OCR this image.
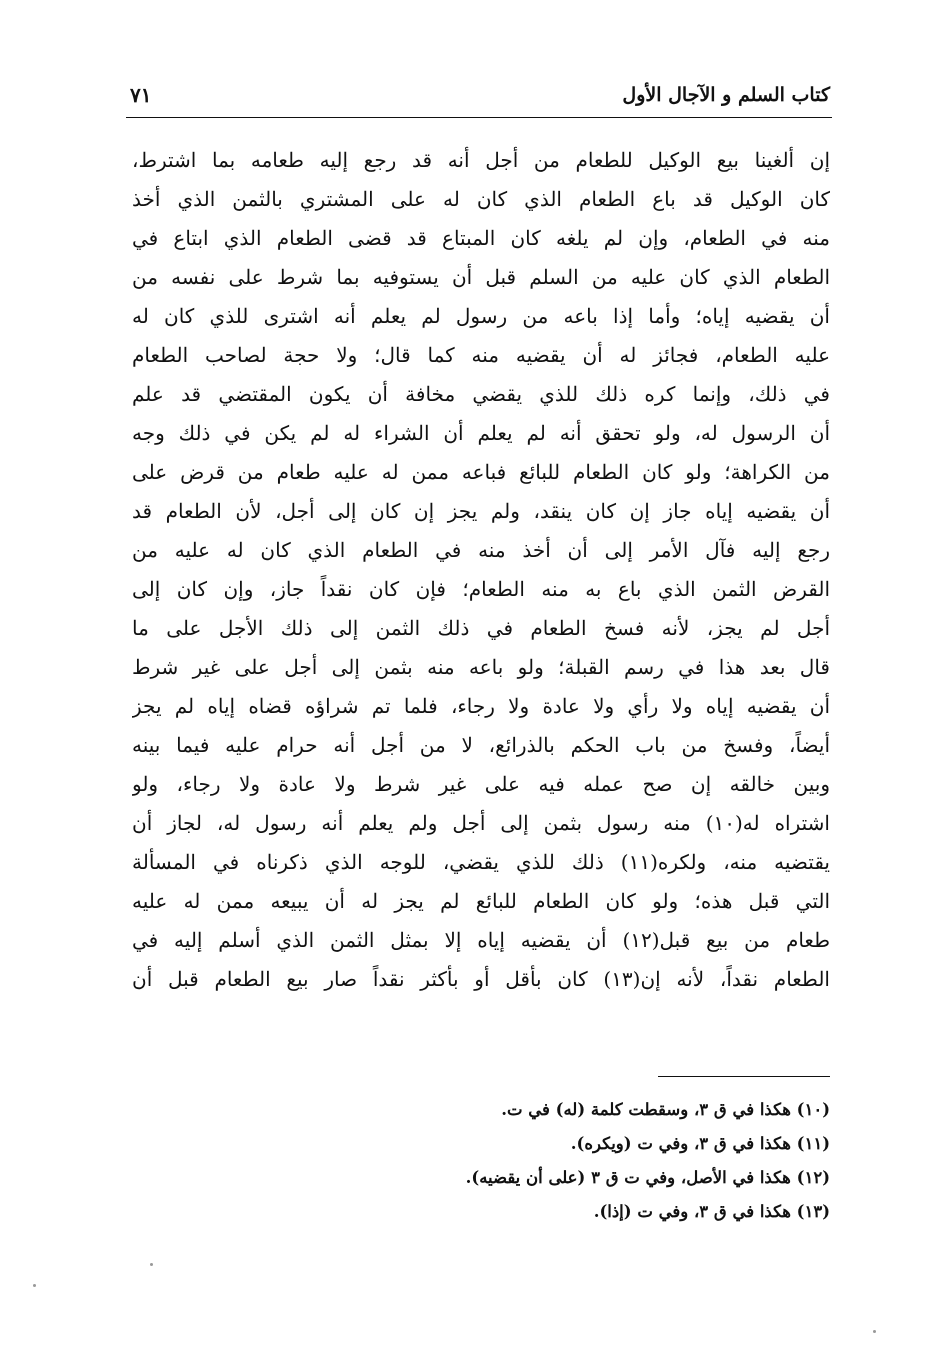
كتاب السلم و الآجال الأول
٧١
إن ألغينا بيع الوكيل للطعام من أجل أنه قد رجع إليه طعامه بما اشترط،
كان الوكيل قد باع الطعام الذي كان له على المشتري بالثمن الذي أخذ
منه في الطعام، وإن لم يلغه كان المبتاع قد قضى الطعام الذي ابتاع في
الطعام الذي كان عليه من السلم قبل أن يستوفيه بما شرط على نفسه من
أن يقضيه إياه؛ وأما إذا باعه من رسول لم يعلم أنه اشترى للذي كان له
عليه الطعام، فجائز له أن يقضيه منه كما قال؛ ولا حجة لصاحب الطعام
في ذلك، وإنما كره ذلك للذي يقضي مخافة أن يكون المقتضي قد علم
أن الرسول له، ولو تحقق أنه لم يعلم أن الشراء له لم يكن في ذلك وجه
من الكراهة؛ ولو كان الطعام للبائع فباعه ممن له عليه طعام من قرض على
أن يقضيه إياه جاز إن كان ينقد، ولم يجز إن كان إلى أجل، لأن الطعام قد
رجع إليه فآل الأمر إلى أن أخذ منه في الطعام الذي كان له عليه من
القرض الثمن الذي باع به منه الطعام؛ فإن كان نقداً جاز، وإن كان إلى
أجل لم يجز، لأنه فسخ الطعام في ذلك الثمن إلى ذلك الأجل على ما
قال بعد هذا في رسم القبلة؛ ولو باعه منه بثمن إلى أجل على غير شرط
أن يقضيه إياه ولا رأي ولا عادة ولا رجاء، فلما تم شراؤه قضاه إياه لم يجز
أيضاً، وفسخ من باب الحكم بالذرائع، لا من أجل أنه حرام عليه فيما بينه
وبين خالقه إن صح عمله فيه على غير شرط ولا عادة ولا رجاء، ولو
اشتراه له(١٠) منه رسول بثمن إلى أجل ولم يعلم أنه رسول له، لجاز أن
يقتضيه منه، ولكره(١١) ذلك للذي يقضي، للوجه الذي ذكرناه في المسألة
التي قبل هذه؛ ولو كان الطعام للبائع لم يجز له أن يبيعه ممن له عليه
طعام من بيع قبل(١٢) أن يقضيه إياه إلا بمثل الثمن الذي أسلم إليه في
الطعام نقداً، لأنه إن(١٣) كان بأقل أو بأكثر نقداً صار بيع الطعام قبل أن
(١٠) هكذا في ق ٣، وسقطت كلمة (له) في ت.
(١١) هكذا في ق ٣، وفي ت (ويكره).
(١٢) هكذا في الأصل، وفي ت ق ٣ (على أن يقضيه).
(١٣) هكذا في ق ٣، وفي ت (إذا).
